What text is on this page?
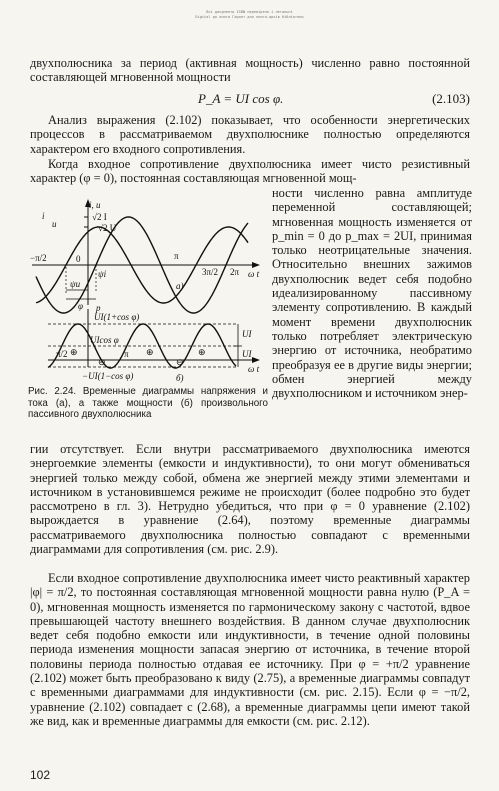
Всі документи ISBN перевірено і легальні
Digital до книги Гарант для книга-архів бібліотеки

двухполюсника за период (активная мощность) численно равно постоянной составляющей мгновенной мощности

P_A = UI cos φ.	(2.103)

Анализ выражения (2.102) показывает, что особенности энергетических процессов в рассматриваемом двухполюснике полностью определяются характером его входного сопротивления.

Когда входное сопротивление двухполюсника имеет чисто резистивный характер (φ = 0), постоянная составляющая мгновенной мощ-

i, u
i
u
√2 I
√2 U
−π/2	0
ψi
π
3π/2 2π ω t
ψu
φ
а)
p
UI(1+cos φ)
UIcos φ
π/2	π
⊕	⊕	⊕
⊖	⊖
UI
UI
ω t
−UI(1−cos φ)	б)

ности численно равна амплитуде переменной составляющей; мгновенная мощность изменяется от p_min = 0 до p_max = 2UI, принимая только неотрицательные значения. Относительно внешних зажимов двухполюсник ведет себя подобно идеализированному пассивному элементу сопротивлению. В каждый момент времени двухполюсник только потребляет электрическую энергию от источника, необратимо преобразуя ее в другие виды энергии; обмен энергией между двухполюсником и источником энер-

Рис. 2.24. Временные диаграммы напряжения и тока (а), а также мощности (б) произвольного пассивного двухполюсника

гии отсутствует. Если внутри рассматриваемого двухполюсника имеются энергоемкие элементы (емкости и индуктивности), то они могут обмениваться энергией только между собой, обмена же энергией между этими элементами и источником в установившемся режиме не происходит (более подробно это будет рассмотрено в гл. 3). Нетрудно убедиться, что при φ = 0 уравнение (2.102) вырождается в уравнение (2.64), поэтому временные диаграммы рассматриваемого двухполюсника полностью совпадают с временными диаграммами для сопротивления (см. рис. 2.9).

Если входное сопротивление двухполюсника имеет чисто реактивный характер |φ| = π/2, то постоянная составляющая мгновенной мощности равна нулю (P_A = 0), мгновенная мощность изменяется по гармоническому закону с частотой, вдвое превышающей частоту внешнего воздействия. В данном случае двухполюсник ведет себя подобно емкости или индуктивности, в течение одной половины периода изменения мощности запасая энергию от источника, в течение второй половины периода полностью отдавая ее источнику. При φ = +π/2 уравнение (2.102) может быть преобразовано к виду (2.75), а временные диаграммы совпадут с временными диаграммами для индуктивности (см. рис. 2.15). Если φ = −π/2, уравнение (2.102) совпадает с (2.68), а временные диаграммы цепи имеют такой же вид, как и временные диаграммы для емкости (см. рис. 2.12).

102
